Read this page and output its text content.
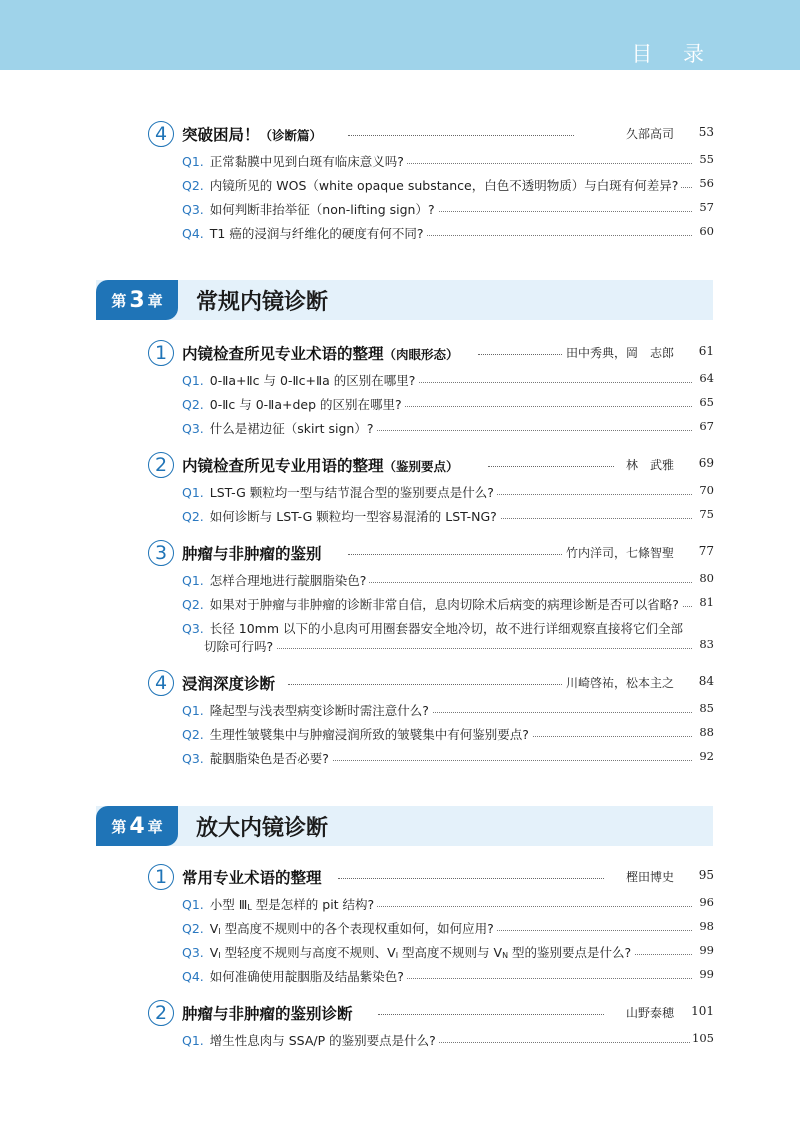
目 录
4 突破困局！（诊断篇）	久部高司 53
Q1. 正常黏膜中见到白斑有临床意义吗?	55
Q2. 内镜所见的 WOS（white opaque substance，白色不透明物质）与白斑有何差异? 56
Q3. 如何判断非抬举征（non-lifting sign）?	57
Q4. T1 癌的浸润与纤维化的硬度有何不同?	60
第 3 章 常规内镜诊断
1 内镜检查所见专业术语的整理（肉眼形态）	田中秀典，岡　志郎 61
Q1. 0-Ⅱa+Ⅱc 与 0-Ⅱc+Ⅱa 的区别在哪里?	64
Q2. 0-Ⅱc 与 0-Ⅱa+dep 的区别在哪里?	65
Q3. 什么是裙边征（skirt sign）?	67
2 内镜检查所见专业用语的整理（鉴别要点）	林　武雅 69
Q1. LST-G 颗粒均一型与结节混合型的鉴别要点是什么?	70
Q2. 如何诊断与 LST-G 颗粒均一型容易混淆的 LST-NG?	75
3 肿瘤与非肿瘤的鉴别	竹内洋司，七條智聖 77
Q1. 怎样合理地进行靛胭脂染色?	80
Q2. 如果对于肿瘤与非肿瘤的诊断非常自信，息肉切除术后病变的病理诊断是否可以省略? 81
Q3. 长径 10mm 以下的小息肉可用圈套器安全地冷切，故不进行详细观察直接将它们全部
切除可行吗?	83
4 浸润深度诊断	川崎啓祐，松本主之 84
Q1. 隆起型与浅表型病变诊断时需注意什么?	85
Q2. 生理性皱襞集中与肿瘤浸润所致的皱襞集中有何鉴别要点?	88
Q3. 靛胭脂染色是否必要?	92
第 4 章 放大内镜诊断
1 常用专业术语的整理	樫田博史 95
Q1. 小型 $Ⅲ_L$ 型是怎样的 pit 结构?	96
Q2. $V_I$ 型高度不规则中的各个表现权重如何，如何应用?	98
Q3. $V_I$ 型轻度不规则与高度不规则、$V_I$ 型高度不规则与 $V_N$ 型的鉴别要点是什么?	99
Q4. 如何准确使用靛胭脂及结晶紫染色?	99
2 肿瘤与非肿瘤的鉴别诊断	山野泰穂 101
Q1. 增生性息肉与 SSA/P 的鉴别要点是什么?	105
